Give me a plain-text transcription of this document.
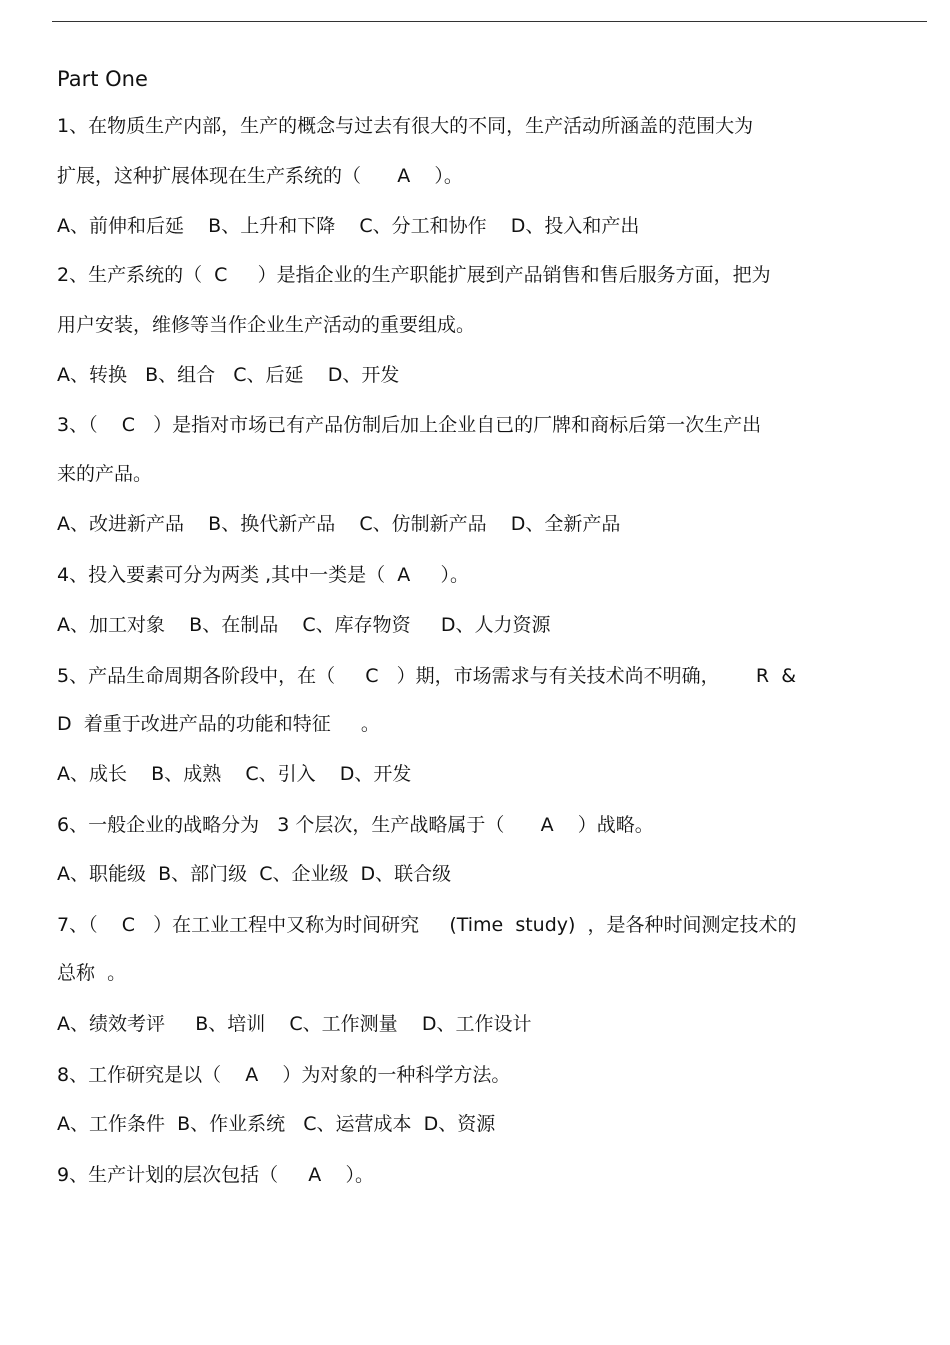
Part One
1、在物质生产内部，生产的概念与过去有很大的不同，生产活动所涵盖的范围大为
扩展，这种扩展体现在生产系统的（      A    ）。
A、前伸和后延    B、上升和下降    C、分工和协作    D、投入和产出
2、生产系统的（  C     ）是指企业的生产职能扩展到产品销售和售后服务方面，把为
用户安装，维修等当作企业生产活动的重要组成。
A、转换   B、组合   C、后延    D、开发
3、（    C   ）是指对市场已有产品仿制后加上企业自已的厂牌和商标后第一次生产出
来的产品。
A、改进新产品    B、换代新产品    C、仿制新产品    D、全新产品
4、投入要素可分为两类 ,其中一类是（  A     ）。
A、加工对象    B、在制品    C、库存物资     D、人力资源
5、产品生命周期各阶段中，在（     C   ）期，市场需求与有关技术尚不明确，      R  &
D  着重于改进产品的功能和特征     。
A、成长    B、成熟    C、引入    D、开发
6、一般企业的战略分为   3 个层次，生产战略属于（      A    ）战略。
A、职能级  B、部门级  C、企业级  D、联合级
7、（    C   ）在工业工程中又称为时间研究     (Time  study)  ，是各种时间测定技术的
总称  。
A、绩效考评     B、培训    C、工作测量    D、工作设计
8、工作研究是以（    A    ）为对象的一种科学方法。
A、工作条件  B、作业系统   C、运营成本  D、资源
9、生产计划的层次包括（     A    ）。
